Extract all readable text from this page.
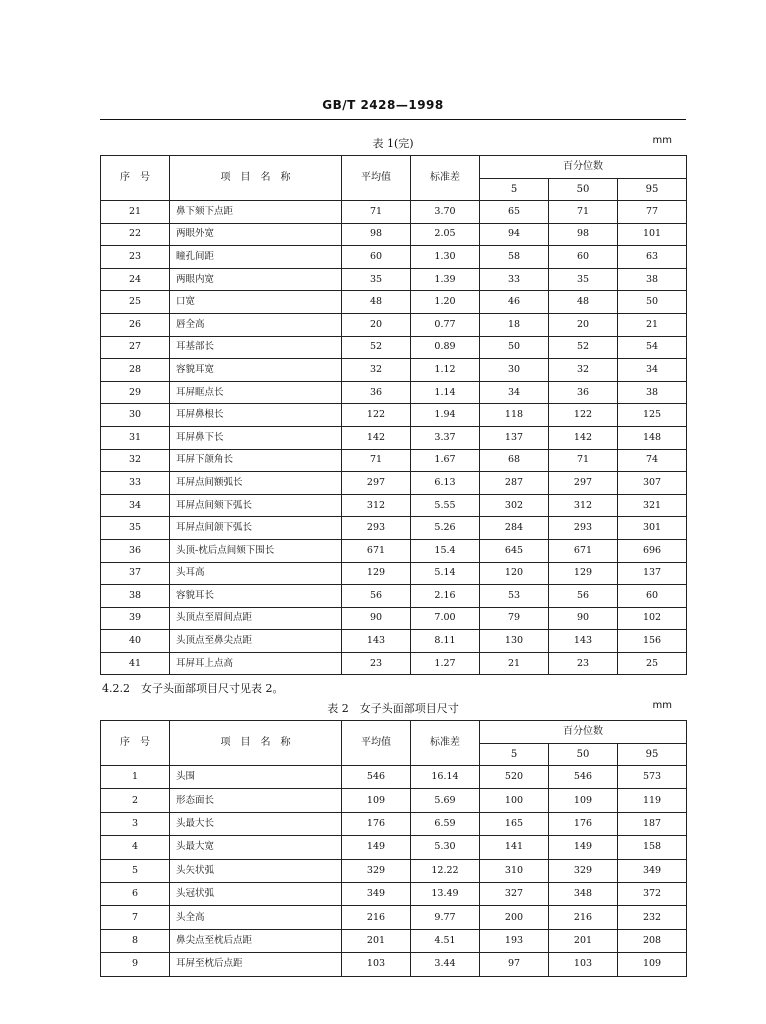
GB/T 2428—1998
表 1(完)	mm
序　号	项　目　名　称	平均值	标准差	百分位数		
				5	50	95
21	鼻下颏下点距	71	3.70	65	71	77
22	两眼外宽	98	2.05	94	98	101
23	瞳孔间距	60	1.30	58	60	63
24	两眼内宽	35	1.39	33	35	38
25	口宽	48	1.20	46	48	50
26	唇全高	20	0.77	18	20	21
27	耳基部长	52	0.89	50	52	54
28	容貌耳宽	32	1.12	30	32	34
29	耳屏眶点长	36	1.14	34	36	38
30	耳屏鼻根长	122	1.94	118	122	125
31	耳屏鼻下长	142	3.37	137	142	148
32	耳屏下颌角长	71	1.67	68	71	74
33	耳屏点间额弧长	297	6.13	287	297	307
34	耳屏点间颏下弧长	312	5.55	302	312	321
35	耳屏点间颌下弧长	293	5.26	284	293	301
36	头顶-枕后点间颏下围长	671	15.4	645	671	696
37	头耳高	129	5.14	120	129	137
38	容貌耳长	56	2.16	53	56	60
39	头顶点至眉间点距	90	7.00	79	90	102
40	头顶点至鼻尖点距	143	8.11	130	143	156
41	耳屏耳上点高	23	1.27	21	23	25
4.2.2　女子头面部项目尺寸见表 2。
表 2　女子头面部项目尺寸	mm
序　号	项　目　名　称	平均值	标准差	百分位数		
				5	50	95
1	头围	546	16.14	520	546	573
2	形态面长	109	5.69	100	109	119
3	头最大长	176	6.59	165	176	187
4	头最大宽	149	5.30	141	149	158
5	头矢状弧	329	12.22	310	329	349
6	头冠状弧	349	13.49	327	348	372
7	头全高	216	9.77	200	216	232
8	鼻尖点至枕后点距	201	4.51	193	201	208
9	耳屏至枕后点距	103	3.44	97	103	109
